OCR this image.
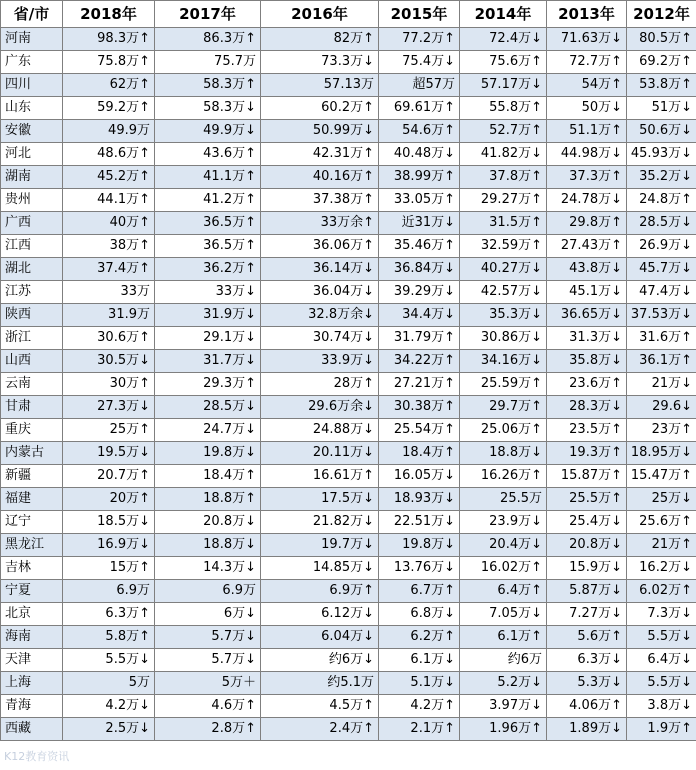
省/市	2018年	2017年	2016年	2015年	2014年	2013年	2012年
河南	98.3万↑	86.3万↑	82万↑	77.2万↑	72.4万↓	71.63万↓	80.5万↑
广东	75.8万↑	75.7万	73.3万↓	75.4万↓	75.6万↑	72.7万↑	69.2万↑
四川	62万↑	58.3万↑	57.13万	超57万	57.17万↓	54万↑	53.8万↑
山东	59.2万↑	58.3万↓	60.2万↑	69.61万↑	55.8万↑	50万↓	51万↓
安徽	49.9万	49.9万↓	50.99万↓	54.6万↑	52.7万↑	51.1万↑	50.6万↓
河北	48.6万↑	43.6万↑	42.31万↑	40.48万↓	41.82万↓	44.98万↓	45.93万↓
湖南	45.2万↑	41.1万↑	40.16万↑	38.99万↑	37.8万↑	37.3万↑	35.2万↓
贵州	44.1万↑	41.2万↑	37.38万↑	33.05万↑	29.27万↑	24.78万↓	24.8万↑
广西	40万↑	36.5万↑	33万余↑	近31万↓	31.5万↑	29.8万↑	28.5万↓
江西	38万↑	36.5万↑	36.06万↑	35.46万↑	32.59万↑	27.43万↑	26.9万↓
湖北	37.4万↑	36.2万↑	36.14万↓	36.84万↓	40.27万↓	43.8万↓	45.7万↓
江苏	33万	33万↓	36.04万↓	39.29万↓	42.57万↓	45.1万↓	47.4万↓
陕西	31.9万	31.9万↓	32.8万余↓	34.4万↓	35.3万↓	36.65万↓	37.53万↓
浙江	30.6万↑	29.1万↓	30.74万↓	31.79万↑	30.86万↓	31.3万↓	31.6万↑
山西	30.5万↓	31.7万↓	33.9万↓	34.22万↑	34.16万↓	35.8万↓	36.1万↑
云南	30万↑	29.3万↑	28万↑	27.21万↑	25.59万↑	23.6万↑	21万↓
甘肃	27.3万↓	28.5万↓	29.6万余↓	30.38万↑	29.7万↑	28.3万↓	29.6↓
重庆	25万↑	24.7万↓	24.88万↓	25.54万↑	25.06万↑	23.5万↑	23万↑
内蒙古	19.5万↓	19.8万↓	20.11万↓	18.4万↑	18.8万↓	19.3万↑	18.95万↓
新疆	20.7万↑	18.4万↑	16.61万↑	16.05万↓	16.26万↑	15.87万↑	15.47万↑
福建	20万↑	18.8万↑	17.5万↓	18.93万↓	25.5万	25.5万↑	25万↓
辽宁	18.5万↓	20.8万↓	21.82万↓	22.51万↓	23.9万↓	25.4万↓	25.6万↑
黑龙江	16.9万↓	18.8万↓	19.7万↓	19.8万↓	20.4万↓	20.8万↓	21万↑
吉林	15万↑	14.3万↓	14.85万↓	13.76万↓	16.02万↑	15.9万↓	16.2万↓
宁夏	6.9万	6.9万	6.9万↑	6.7万↑	6.4万↑	5.87万↓	6.02万↑
北京	6.3万↑	6万↓	6.12万↓	6.8万↓	7.05万↓	7.27万↓	7.3万↓
海南	5.8万↑	5.7万↓	6.04万↓	6.2万↑	6.1万↑	5.6万↑	5.5万↓
天津	5.5万↓	5.7万↓	约6万↓	6.1万↓	约6万	6.3万↓	6.4万↓
上海	5万	5万＋	约5.1万	5.1万↓	5.2万↓	5.3万↓	5.5万↓
青海	4.2万↓	4.6万↑	4.5万↑	4.2万↑	3.97万↓	4.06万↑	3.8万↓
西藏	2.5万↓	2.8万↑	2.4万↑	2.1万↑	1.96万↑	1.89万↓	1.9万↑
K12教育资讯
